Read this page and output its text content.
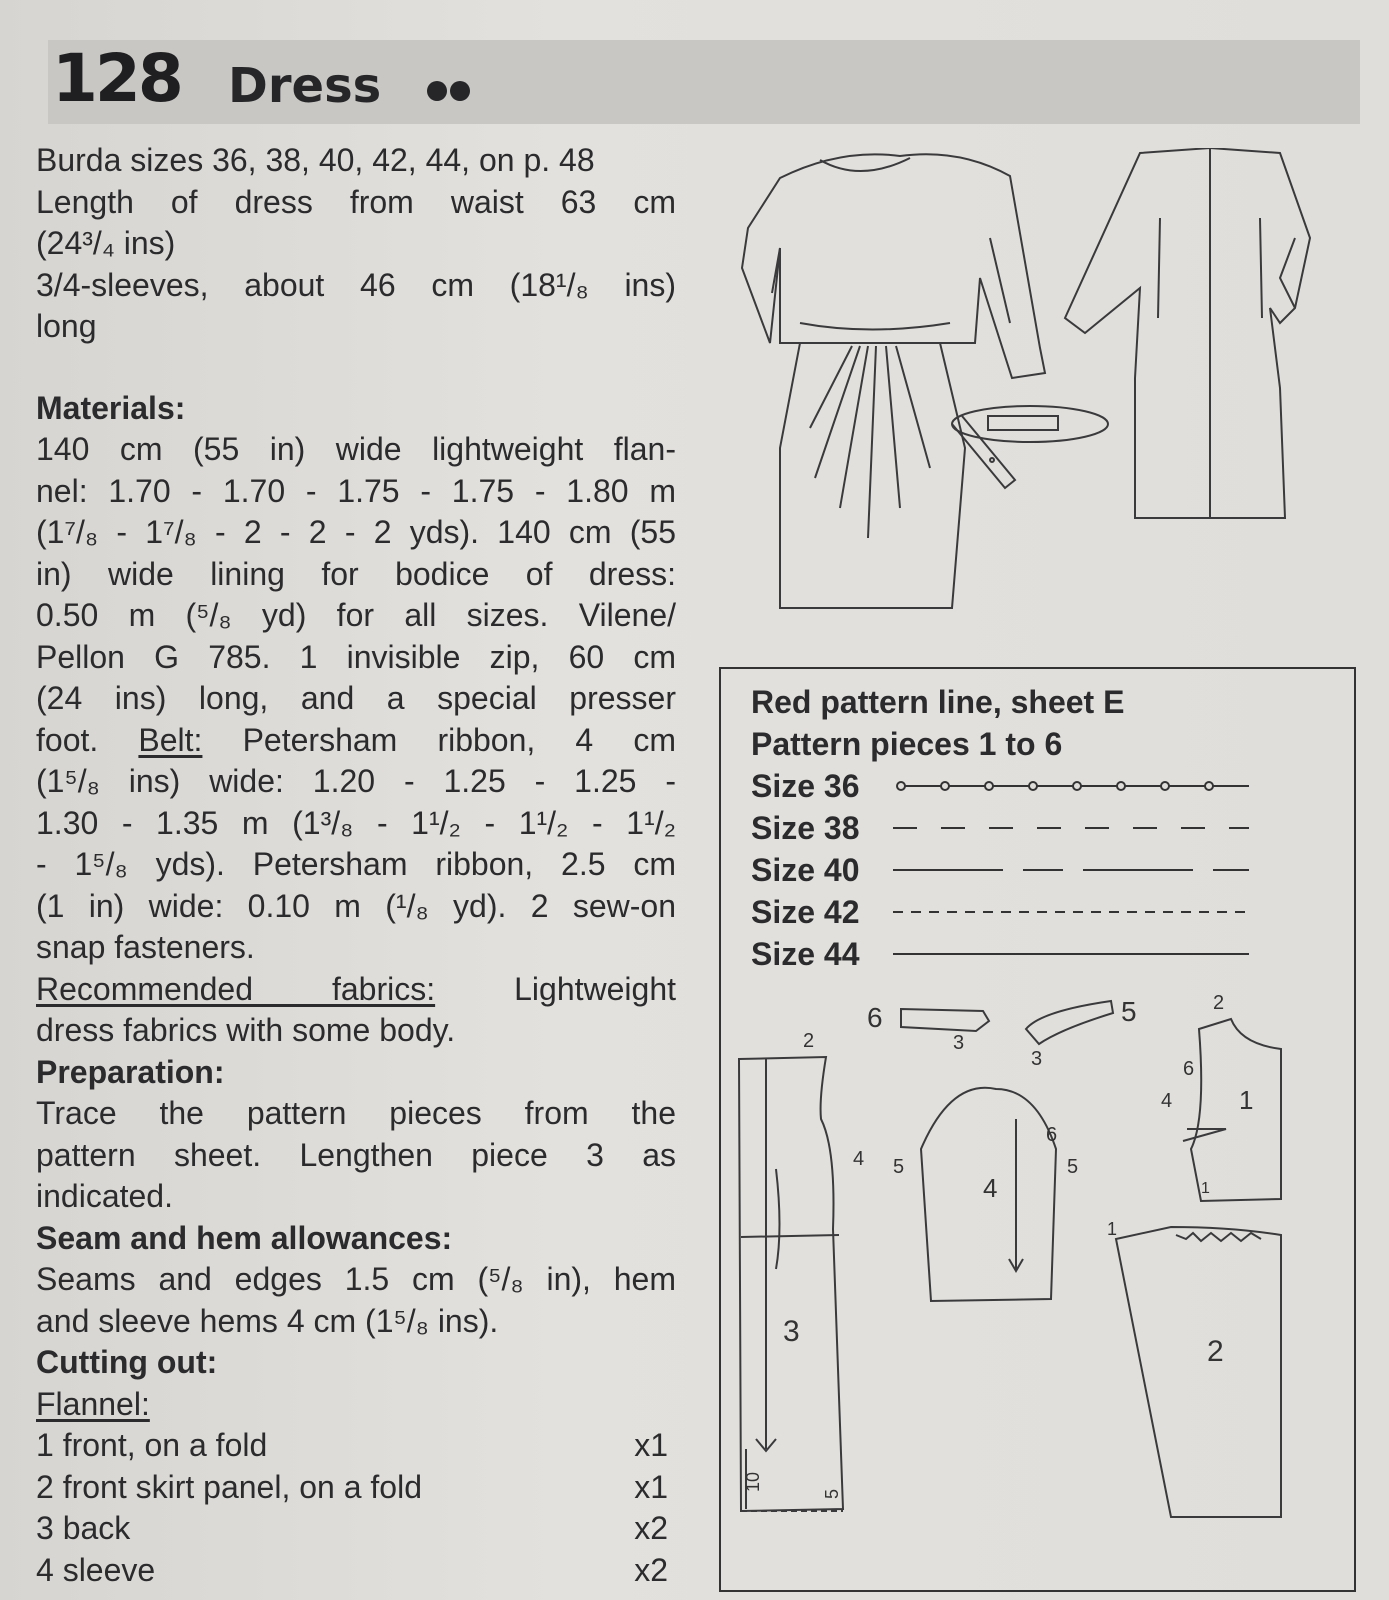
128 Dress

Burda sizes 36, 38, 40, 42, 44, on p. 48

Length of dress from waist 63 cm

(24³/₄ ins)

3/4-sleeves, about 46 cm (18¹/₈ ins)

long

Materials:

140 cm (55 in) wide lightweight flan-

nel: 1.70 - 1.70 - 1.75 - 1.75 - 1.80 m

(1⁷/₈ - 1⁷/₈ - 2 - 2 - 2 yds). 140 cm (55

in) wide lining for bodice of dress:

0.50 m (⁵/₈ yd) for all sizes. Vilene/

Pellon G 785. 1 invisible zip, 60 cm

(24 ins) long, and a special presser

foot. Belt: Petersham ribbon, 4 cm

(1⁵/₈ ins) wide: 1.20 - 1.25 - 1.25 -

1.30 - 1.35 m (1³/₈ - 1¹/₂ - 1¹/₂ - 1¹/₂

- 1⁵/₈ yds). Petersham ribbon, 2.5 cm

(1 in) wide: 0.10 m (¹/₈ yd). 2 sew-on

snap fasteners.

Recommended fabrics: Lightweight

dress fabrics with some body.

Preparation:

Trace the pattern pieces from the

pattern sheet. Lengthen piece 3 as

indicated.

Seam and hem allowances:

Seams and edges 1.5 cm (⁵/₈ in), hem

and sleeve hems 4 cm (1⁵/₈ ins).

Cutting out:

Flannel:

1 front, on a fold	x1
2 front skirt panel, on a fold	x1
3 back	x2
4 sleeve	x2
Red pattern line, sheet E
Pattern pieces 1 to 6
Size 36
Size 38
Size 40
Size 42
Size 44
6
3
5
3
2
4
3
10
5
5
6
5
4
2
6
4	1
1
1
2
